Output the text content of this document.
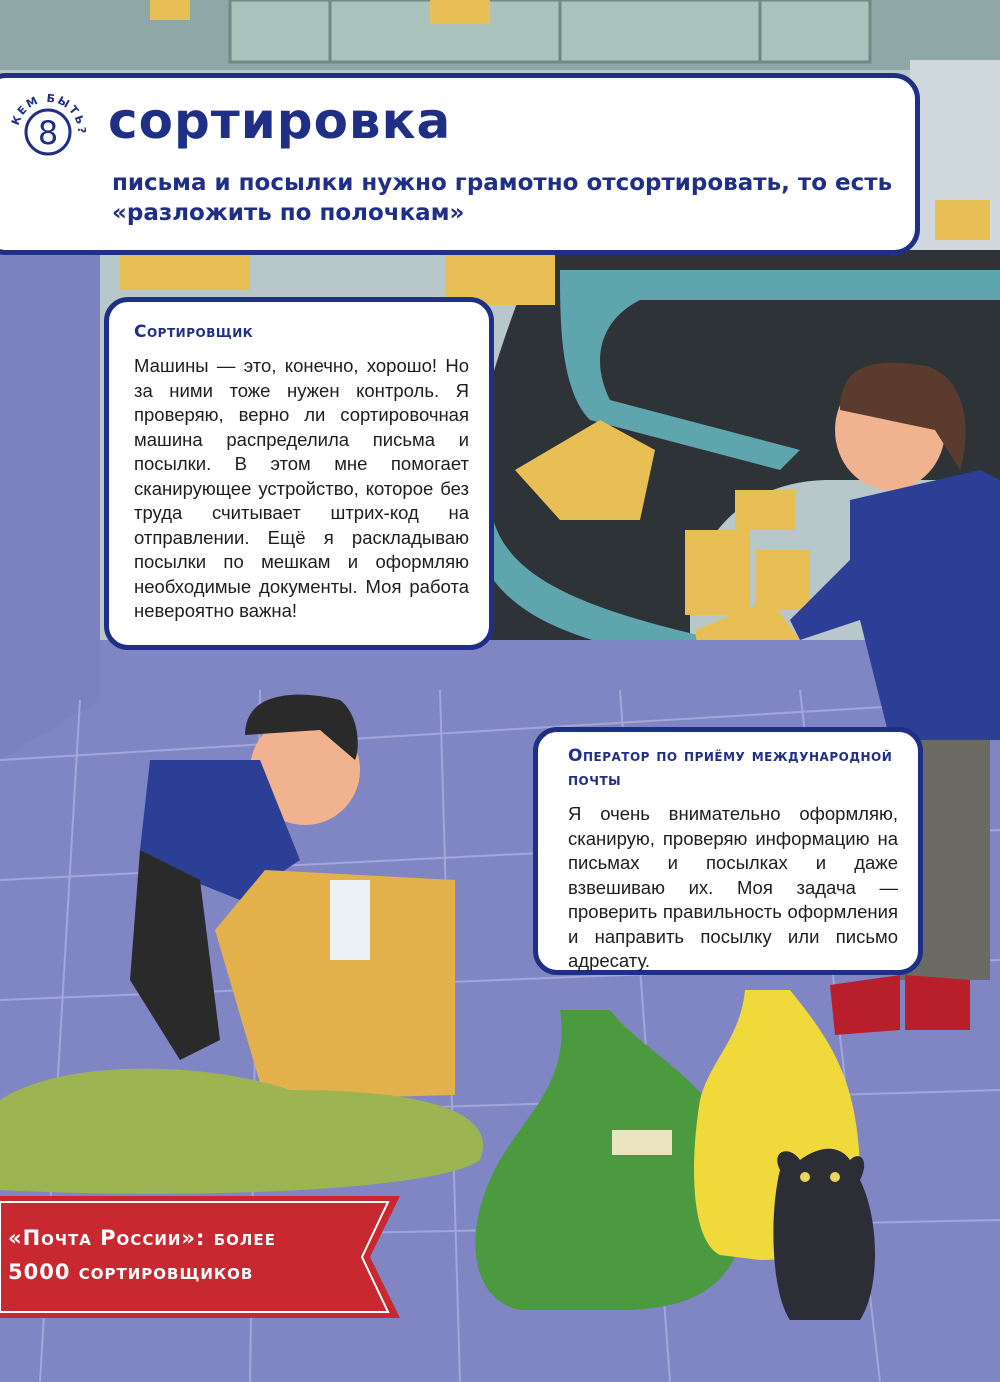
КЕМ БЫТЬ?
8 сортировка

письма и посылки нужно грамотно отсортировать, то есть «разложить по полочкам»

Сортировщик

Машины — это, конечно, хорошо! Но за ними тоже нужен контроль. Я проверяю, верно ли сортировочная машина распределила письма и посылки. В этом мне помогает сканирующее устройство, которое без труда считывает штрих-код на отправлении. Ещё я раскладываю посылки по мешкам и оформляю необходимые документы. Моя работа невероятно важна!

Оператор по приёму международной почты

Я очень внимательно оформляю, сканирую, проверяю информацию на письмах и посылках и даже взвешиваю их. Моя задача — проверить правильность оформления и направить посылку или письмо адресату.

«Почта России»: более
5000 сортировщиков
